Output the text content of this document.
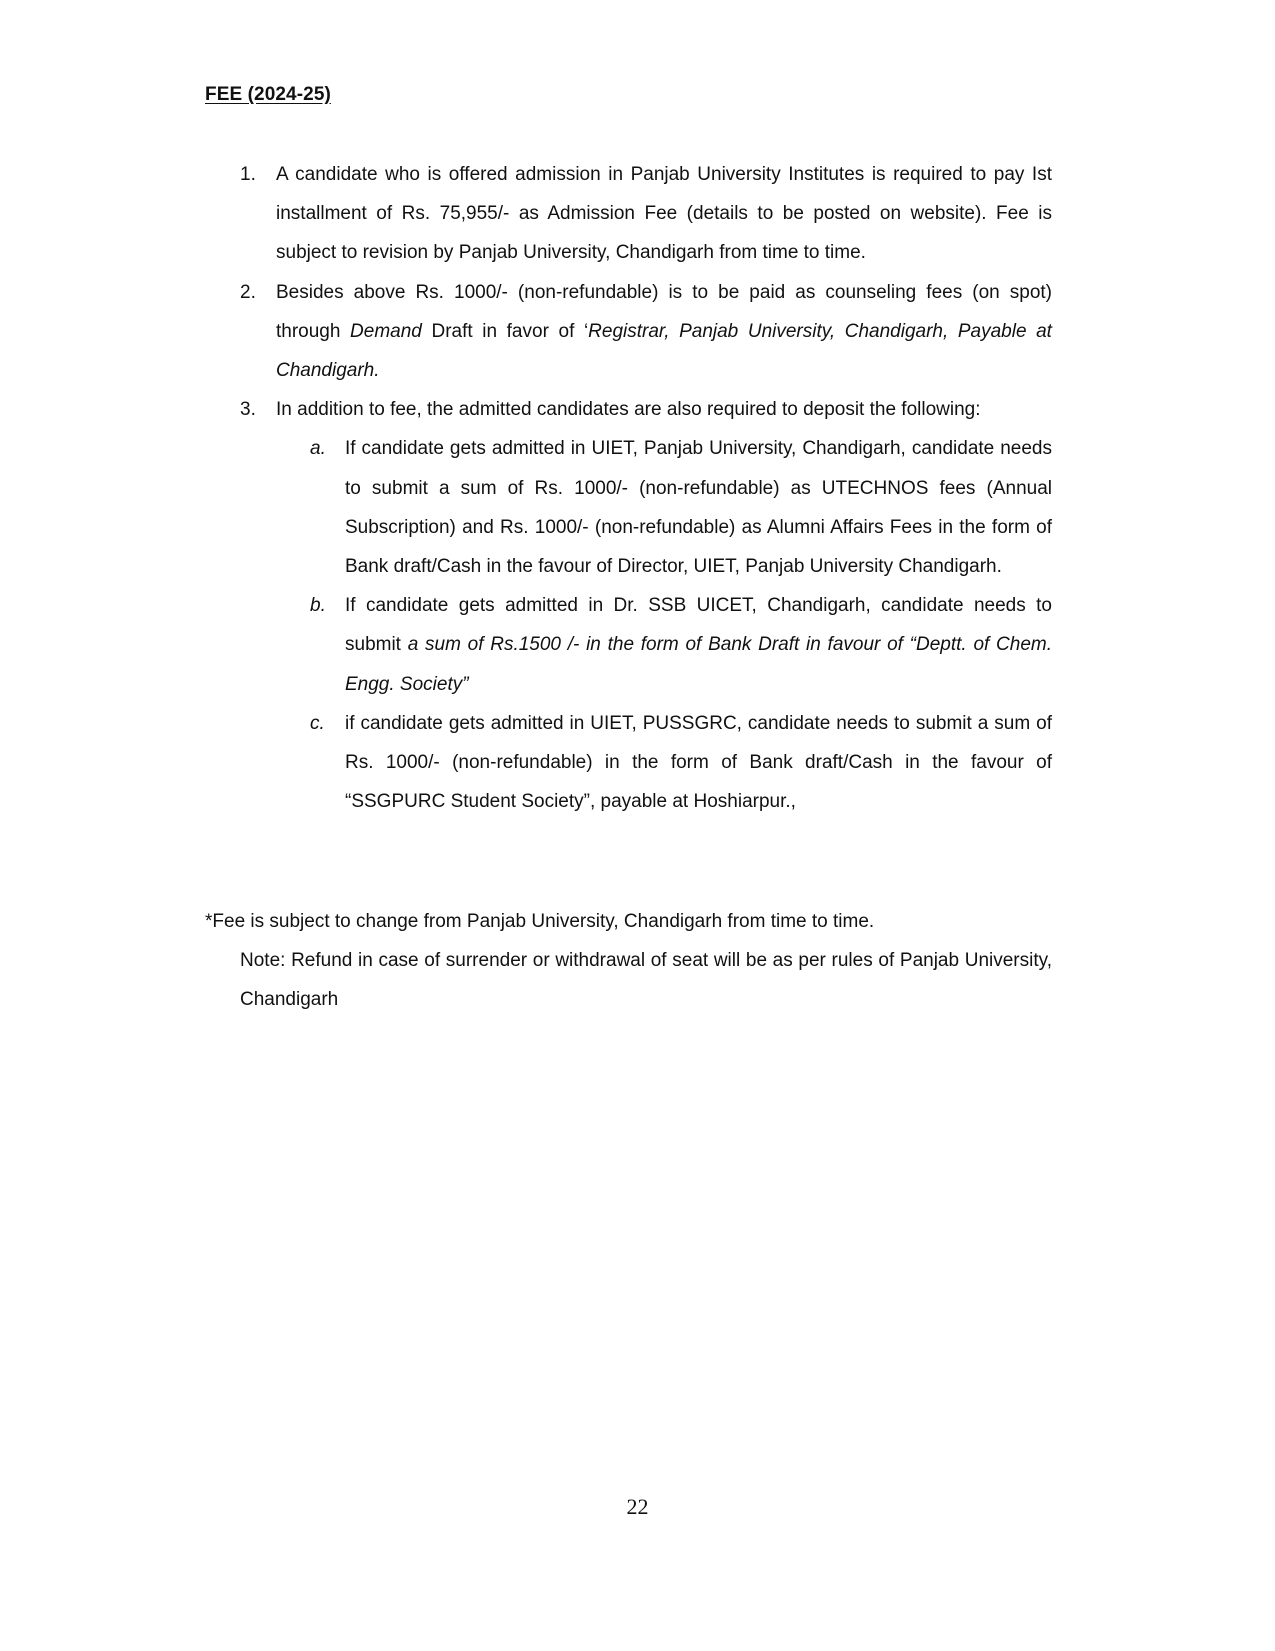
FEE (2024-25)
1. A candidate who is offered admission in Panjab University Institutes is required to pay Ist installment of Rs. 75,955/- as Admission Fee (details to be posted on website). Fee is subject to revision by Panjab University, Chandigarh from time to time.
2. Besides above Rs. 1000/- (non-refundable) is to be paid as counseling fees (on spot) through Demand Draft in favor of ‘Registrar, Panjab University, Chandigarh, Payable at Chandigarh.
3. In addition to fee, the admitted candidates are also required to deposit the following:
a. If candidate gets admitted in UIET, Panjab University, Chandigarh, candidate needs to submit a sum of Rs. 1000/- (non-refundable) as UTECHNOS fees (Annual Subscription) and Rs. 1000/- (non-refundable) as Alumni Affairs Fees in the form of Bank draft/Cash in the favour of Director, UIET, Panjab University Chandigarh.
b. If candidate gets admitted in Dr. SSB UICET, Chandigarh, candidate needs to submit a sum of Rs.1500 /- in the form of Bank Draft in favour of “Deptt. of Chem. Engg. Society”
c. if candidate gets admitted in UIET, PUSSGRC, candidate needs to submit a sum of Rs. 1000/- (non-refundable) in the form of Bank draft/Cash in the favour of “SSGPURC Student Society”, payable at Hoshiarpur.,
*Fee is subject to change from Panjab University, Chandigarh from time to time.
Note: Refund in case of surrender or withdrawal of seat will be as per rules of Panjab University, Chandigarh
22
